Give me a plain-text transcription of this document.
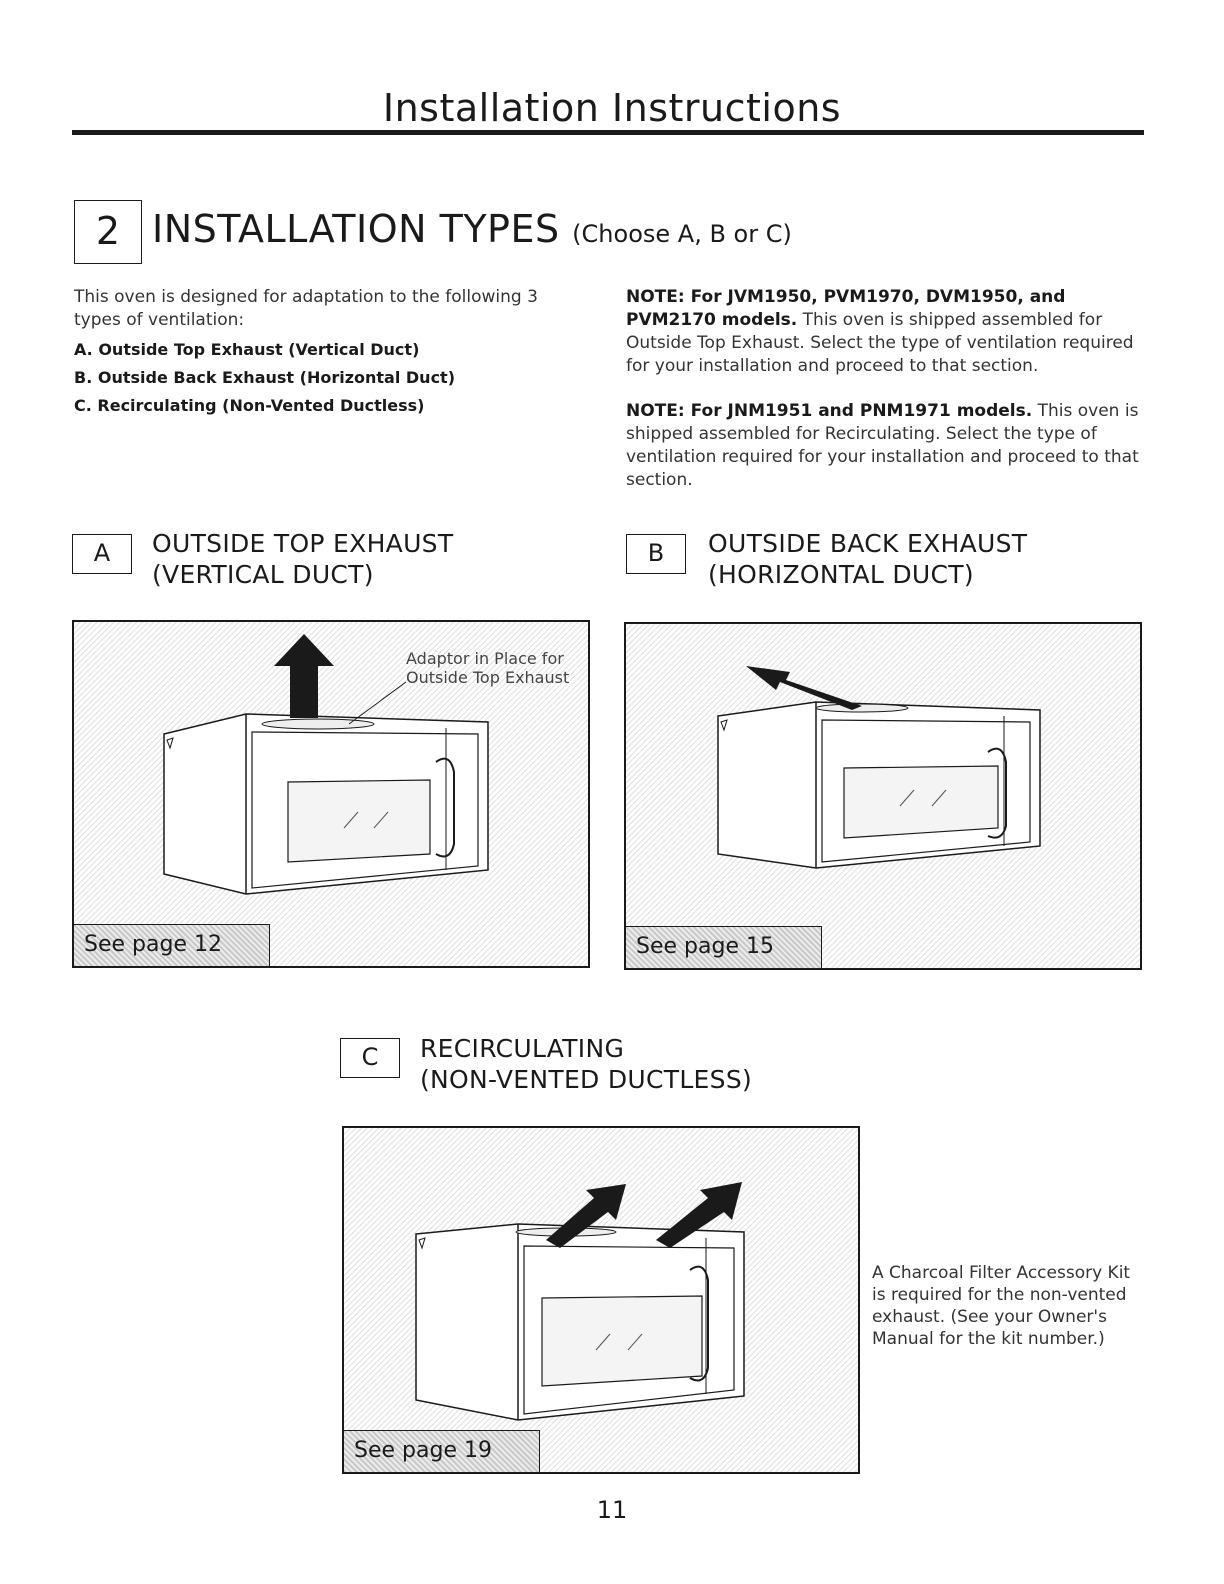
Installation Instructions
2 INSTALLATION TYPES (Choose A, B or C)
This oven is designed for adaptation to the following 3 types of ventilation:
A. Outside Top Exhaust (Vertical Duct)
B. Outside Back Exhaust (Horizontal Duct)
C. Recirculating (Non-Vented Ductless)

NOTE: For JVM1950, PVM1970, DVM1950, and PVM2170 models. This oven is shipped assembled for Outside Top Exhaust. Select the type of ventilation required for your installation and proceed to that section.

NOTE: For JNM1951 and PNM1971 models. This oven is shipped assembled for Recirculating. Select the type of ventilation required for your installation and proceed to that section.

A	OUTSIDE TOP EXHAUST
(VERTICAL DUCT)
Adaptor in Place for
Outside Top Exhaust
See page 12
B	OUTSIDE BACK EXHAUST
(HORIZONTAL DUCT)
See page 15
C	RECIRCULATING
(NON-VENTED DUCTLESS)
See page 19
A Charcoal Filter Accessory Kit is required for the non-vented exhaust. (See your Owner's Manual for the kit number.)
11
